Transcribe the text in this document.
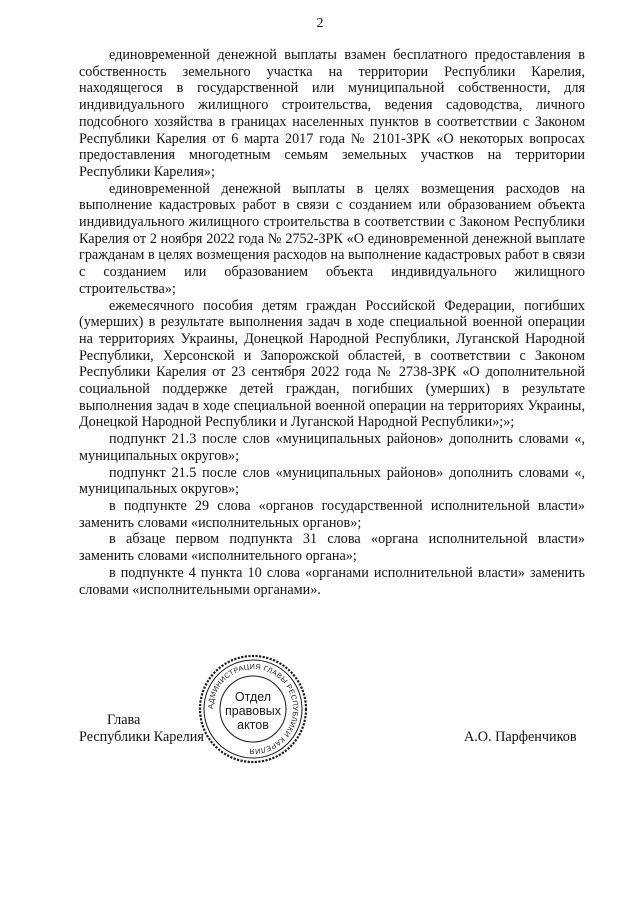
2

единовременной денежной выплаты взамен бесплатного предоставления в собственность земельного участка на территории Республики Карелия, находящегося в государственной или муниципальной собственности, для индивидуального жилищного строительства, ведения садоводства, личного подсобного хозяйства в границах населенных пунктов в соответствии с Законом Республики Карелия от 6 марта 2017 года № 2101-ЗРК «О некоторых вопросах предоставления многодетным семьям земельных участков на территории Республики Карелия»;

единовременной денежной выплаты в целях возмещения расходов на выполнение кадастровых работ в связи с созданием или образованием объекта индивидуального жилищного строительства в соответствии с Законом Республики Карелия от 2 ноября 2022 года № 2752-ЗРК «О единовременной денежной выплате гражданам в целях возмещения расходов на выполнение кадастровых работ в связи с созданием или образованием объекта индивидуального жилищного строительства»;

ежемесячного пособия детям граждан Российской Федерации, погибших (умерших) в результате выполнения задач в ходе специальной военной операции на территориях Украины, Донецкой Народной Республики, Луганской Народной Республики, Херсонской и Запорожской областей, в соответствии с Законом Республики Карелия от 23 сентября 2022 года № 2738-ЗРК «О дополнительной социальной поддержке детей граждан, погибших (умерших) в результате выполнения задач в ходе специальной военной операции на территориях Украины, Донецкой Народной Республики и Луганской Народной Республики»;»;

подпункт 21.3 после слов «муниципальных районов» дополнить словами «, муниципальных округов»;

подпункт 21.5 после слов «муниципальных районов» дополнить словами «, муниципальных округов»;

в подпункте 29 слова «органов государственной исполнительной власти» заменить словами «исполнительных органов»;

в абзаце первом подпункта 31 слова «органа исполнительной власти» заменить словами «исполнительного органа»;

в подпункте 4 пункта 10 слова «органами исполнительной власти» заменить словами «исполнительными органами».

Глава
Республики Карелия	А.О. Парфенчиков
АДМИНИСТРАЦИЯ ГЛАВЫ РЕСПУБЛИКИ КАРЕЛИЯ
Отдел
правовых
актов
